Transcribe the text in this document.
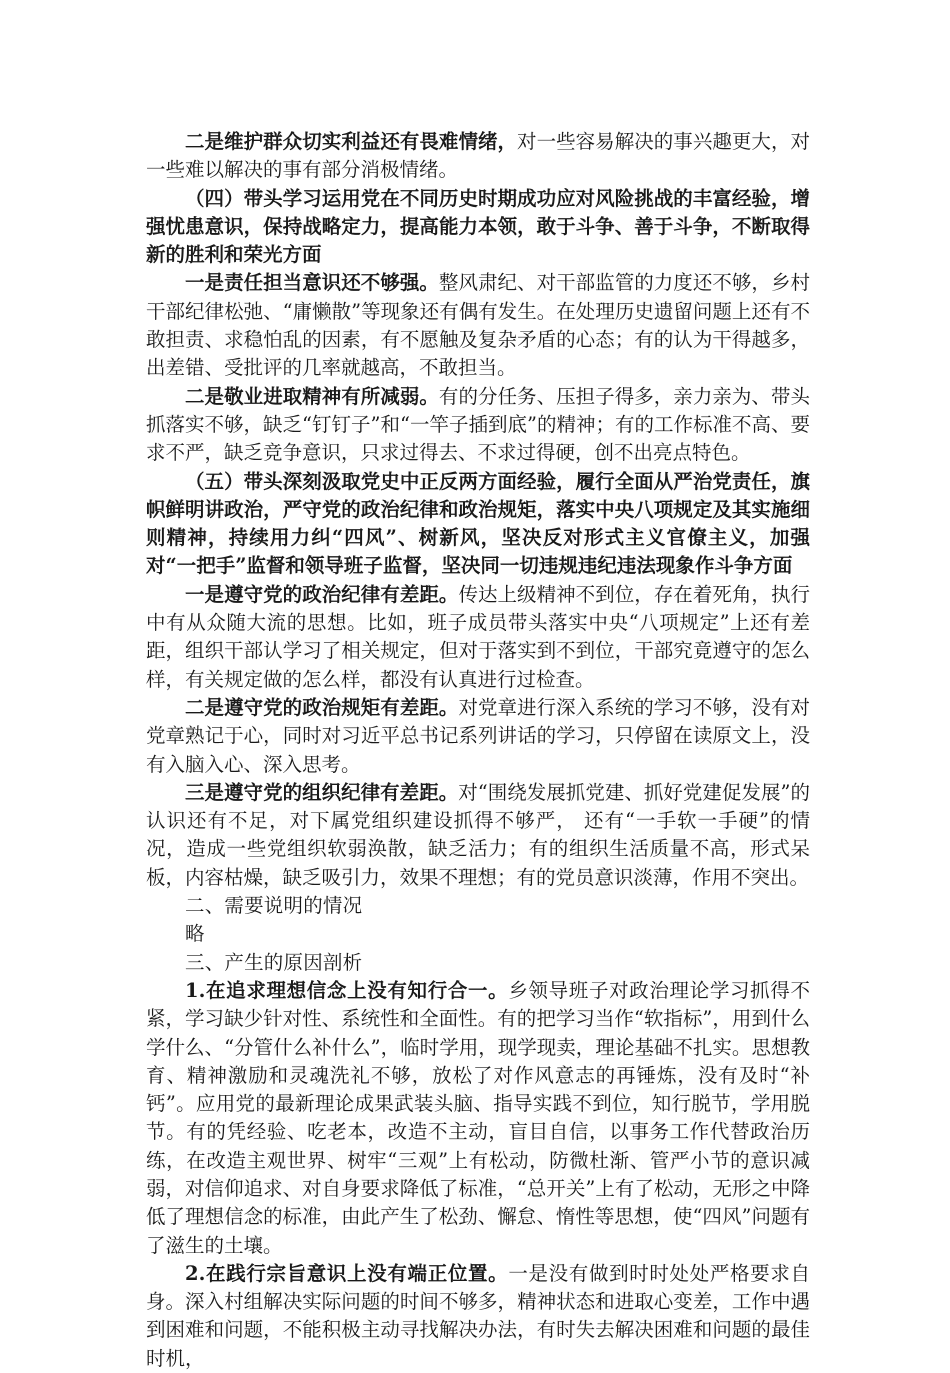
二是维护群众切实利益还有畏难情绪，对一些容易解决的事兴趣更大，对一些难以解决的事有部分消极情绪。

（四）带头学习运用党在不同历史时期成功应对风险挑战的丰富经验，增强忧患意识，保持战略定力，提高能力本领，敢于斗争、善于斗争，不断取得新的胜利和荣光方面

一是责任担当意识还不够强。整风肃纪、对干部监管的力度还不够，乡村干部纪律松弛、“庸懒散”等现象还有偶有发生。在处理历史遗留问题上还有不敢担责、求稳怕乱的因素，有不愿触及复杂矛盾的心态；有的认为干得越多，出差错、受批评的几率就越高，不敢担当。

二是敬业进取精神有所减弱。有的分任务、压担子得多，亲力亲为、带头抓落实不够，缺乏“钉钉子”和“一竿子插到底”的精神；有的工作标准不高、要求不严，缺乏竞争意识，只求过得去、不求过得硬，创不出亮点特色。

（五）带头深刻汲取党史中正反两方面经验，履行全面从严治党责任，旗帜鲜明讲政治，严守党的政治纪律和政治规矩，落实中央八项规定及其实施细则精神，持续用力纠“四风”、树新风，坚决反对形式主义官僚主义，加强对“一把手”监督和领导班子监督，坚决同一切违规违纪违法现象作斗争方面

一是遵守党的政治纪律有差距。传达上级精神不到位，存在着死角，执行中有从众随大流的思想。比如，班子成员带头落实中央“八项规定”上还有差距，组织干部认学习了相关规定，但对于落实到不到位，干部究竟遵守的怎么样，有关规定做的怎么样，都没有认真进行过检查。

二是遵守党的政治规矩有差距。对党章进行深入系统的学习不够，没有对党章熟记于心，同时对习近平总书记系列讲话的学习，只停留在读原文上，没有入脑入心、深入思考。

三是遵守党的组织纪律有差距。对“围绕发展抓党建、抓好党建促发展”的认识还有不足，对下属党组织建设抓得不够严， 还有“一手软一手硬”的情况，造成一些党组织软弱涣散，缺乏活力；有的组织生活质量不高，形式呆板，内容枯燥，缺乏吸引力，效果不理想；有的党员意识淡薄，作用不突出。

二、需要说明的情况

略

三、产生的原因剖析

1.在追求理想信念上没有知行合一。乡领导班子对政治理论学习抓得不紧，学习缺少针对性、系统性和全面性。有的把学习当作“软指标”，用到什么学什么、“分管什么补什么”，临时学用，现学现卖，理论基础不扎实。思想教育、精神激励和灵魂洗礼不够，放松了对作风意志的再锤炼，没有及时“补钙”。应用党的最新理论成果武装头脑、指导实践不到位，知行脱节，学用脱节。有的凭经验、吃老本，改造不主动，盲目自信，以事务工作代替政治历练，在改造主观世界、树牢“三观”上有松动，防微杜渐、管严小节的意识减弱，对信仰追求、对自身要求降低了标准，“总开关”上有了松动，无形之中降低了理想信念的标准，由此产生了松劲、懈怠、惰性等思想，使“四风”问题有了滋生的土壤。

2.在践行宗旨意识上没有端正位置。一是没有做到时时处处严格要求自身。深入村组解决实际问题的时间不够多，精神状态和进取心变差，工作中遇到困难和问题，不能积极主动寻找解决办法，有时失去解决困难和问题的最佳时机，
